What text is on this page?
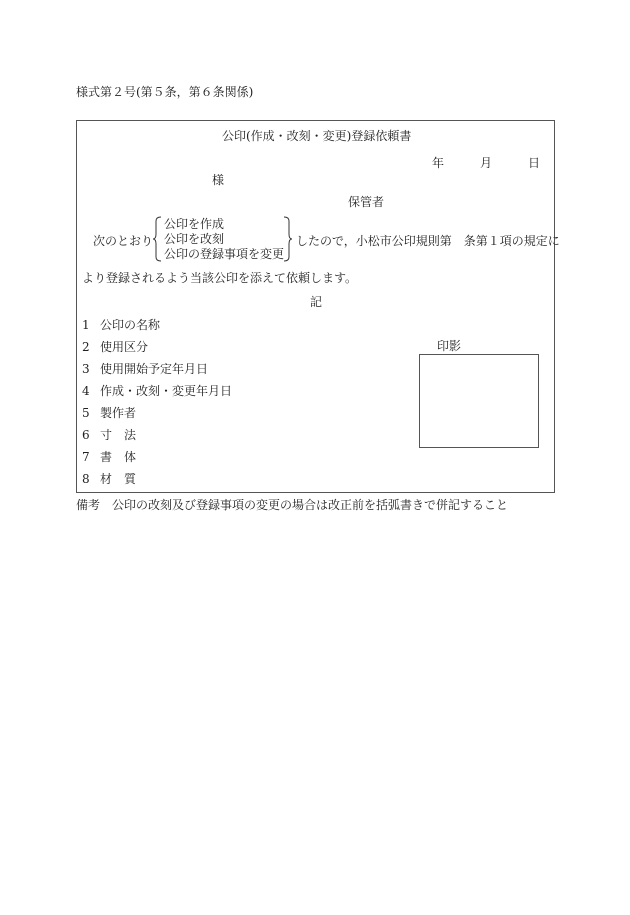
様式第２号(第５条，第６条関係)
公印(作成・改刻・変更)登録依頼書
年	月	日
様
保管者
次のとおり
公印を作成
公印を改刻
公印の登録事項を変更
したので，小松市公印規則第　条第１項の規定に
より登録されるよう当該公印を添えて依頼します。
記
1 公印の名称
2 使用区分
3 使用開始予定年月日
4 作成・改刻・変更年月日
5 製作者
6 寸　法
7 書　体
8 材　質
印影
備考　公印の改刻及び登録事項の変更の場合は改正前を括弧書きで併記すること
